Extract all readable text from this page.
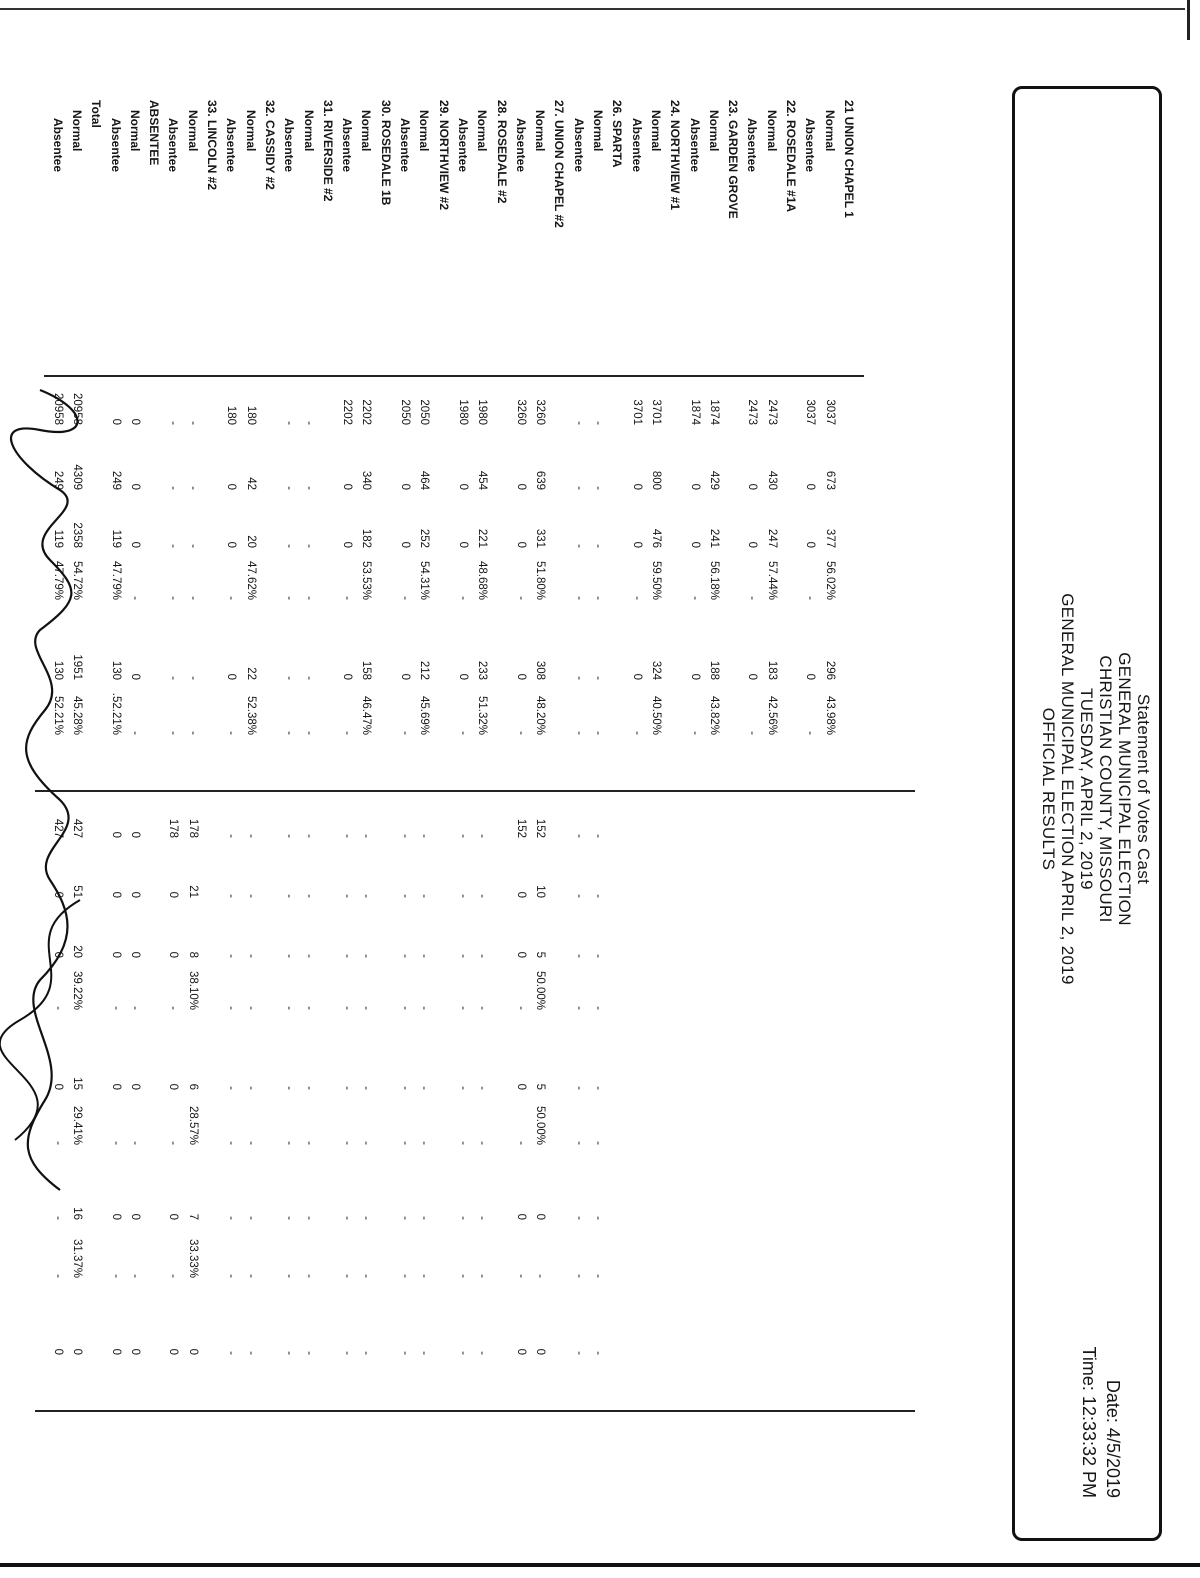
Statement of Votes Cast
GENERAL MUNICIPAL ELECTION
CHRISTIAN COUNTY, MISSOURI
TUESDAY, APRIL 2, 2019
GENERAL MUNICIPAL ELECTION APRIL 2, 2019
OFFICIAL RESULTS
Date: 4/5/2019
Time: 12:33:32 PM
21 UNION CHAPEL 1
Normal
3037
673
377
56.02%
296
43.98%
Absentee
3037
0
0
-
0
-
22. ROSEDALE #1A
Normal
2473
430
247
57.44%
183
42.56%
Absentee
2473
0
0
-
0
-
23. GARDEN GROVE
Normal
1874
429
241
56.18%
188
43.82%
Absentee
1874
0
0
-
0
-
24. NORTHVIEW #1
Normal
3701
800
476
59.50%
324
40.50%
Absentee
3701
0
0
-
0
-
26. SPARTA
Normal
-
-
-
-
-
-
-
-
-
-
-
-
-
-
-
Absentee
-
-
-
-
-
-
-
-
-
-
-
-
-
-
-
27. UNION CHAPEL #2
Normal
3260
639
331
51.80%
308
48.20%
152
10
5
50.00%
5
50.00%
0
-
0
Absentee
3260
0
0
-
0
-
152
0
0
-
0
-
0
-
0
28. ROSEDALE #2
Normal
1980
454
221
48.68%
233
51.32%
-
-
-
-
-
-
-
-
-
Absentee
1980
0
0
-
0
-
-
-
-
-
-
-
-
-
-
29. NORTHVIEW #2
Normal
2050
464
252
54.31%
212
45.69%
-
-
-
-
-
-
-
-
-
Absentee
2050
0
0
-
0
-
-
-
-
-
-
-
-
-
-
30. ROSEDALE 1B
Normal
2202
340
182
53.53%
158
46.47%
-
-
-
-
-
-
-
-
-
Absentee
2202
0
0
-
0
-
-
-
-
-
-
-
-
-
-
31. RIVERSIDE #2
Normal
-
-
-
-
-
-
-
-
-
-
-
-
-
-
-
Absentee
-
-
-
-
-
-
-
-
-
-
-
-
-
-
-
32. CASSIDY #2
Normal
180
42
20
47.62%
22
52.38%
-
-
-
-
-
-
-
-
-
Absentee
180
0
0
-
0
-
-
-
-
-
-
-
-
-
-
33. LINCOLN #2
Normal
-
-
-
-
-
-
178
21
8
38.10%
6
28.57%
7
33.33%
0
Absentee
-
-
-
-
-
-
178
0
0
-
0
-
0
-
0
ABSENTEE
Normal
0
0
0
-
0
-
0
0
0
-
0
-
0
-
0
Absentee
0
249
119
47.79%
130
.52.21%
0
0
0
-
0
-
0
-
0
Total
Normal
20958
4309
2358
54.72%
1951
45.28%
427
51
20
39.22%
15
29.41%
16
31.37%
0
Absentee
20958
249
119
47.79%
130
52.21%
427
0
0
-
0
-
-
-
0
